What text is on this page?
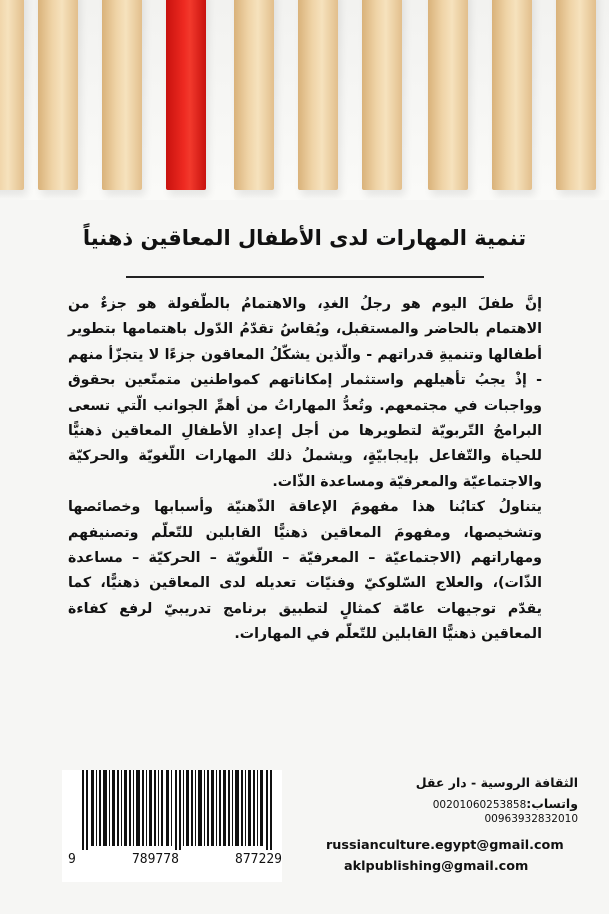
تنمية المهارات لدى الأطفال المعاقين ذهنياً

إنَّ طفلَ اليوم هو رجلُ الغدِ، والاهتمامُ بالطّفولة هو جزءٌ من الاهتمام بالحاضر والمستقبل، ويُقاسُ تقدّمُ الدّول باهتمامها بتطوير أطفالها وتنميةِ قدراتهم - والّذين يشكّلُ المعاقون جزءًا لا يتجزّأ منهم - إذْ يجبُ تأهيلهم واستثمار إمكاناتهم كمواطنين متمتّعين بحقوق وواجبات في مجتمعهم. وتُعدُّ المهاراتُ من أهمِّ الجوانب الّتي تسعى البرامجُ التّربويّة لتطويرها من أجل إعدادِ الأطفالِ المعاقين ذهنيًّا للحياة والتّفاعل بإيجابيّةٍ، ويشملُ ذلك المهارات اللّغويّة والحركيّة والاجتماعيّة والمعرفيّة ومساعدة الذّات.

يتناولُ كتابُنا هذا مفهومَ الإعاقة الذّهنيّة وأسبابها وخصائصها وتشخيصها، ومفهومَ المعاقين ذهنيًّا القابلين للتّعلّم وتصنيفهم ومهاراتهم (الاجتماعيّة – المعرفيّة – اللّغويّة – الحركيّة – مساعدة الذّات)، والعلاج السّلوكيّ وفنيّات تعديله لدى المعاقين ذهنيًّا، كما يقدّم توجيهات عامّة كمثالٍ لتطبيق برنامج تدريبيّ لرفع كفاءة المعاقين ذهنيًّا القابلين للتّعلّم في المهارات.

9	789778	877229
الثقافة الروسية - دار عقل
واتساب:00201060253858
00963932832010
russianculture.egypt@gmail.com
aklpublishing@gmail.com
